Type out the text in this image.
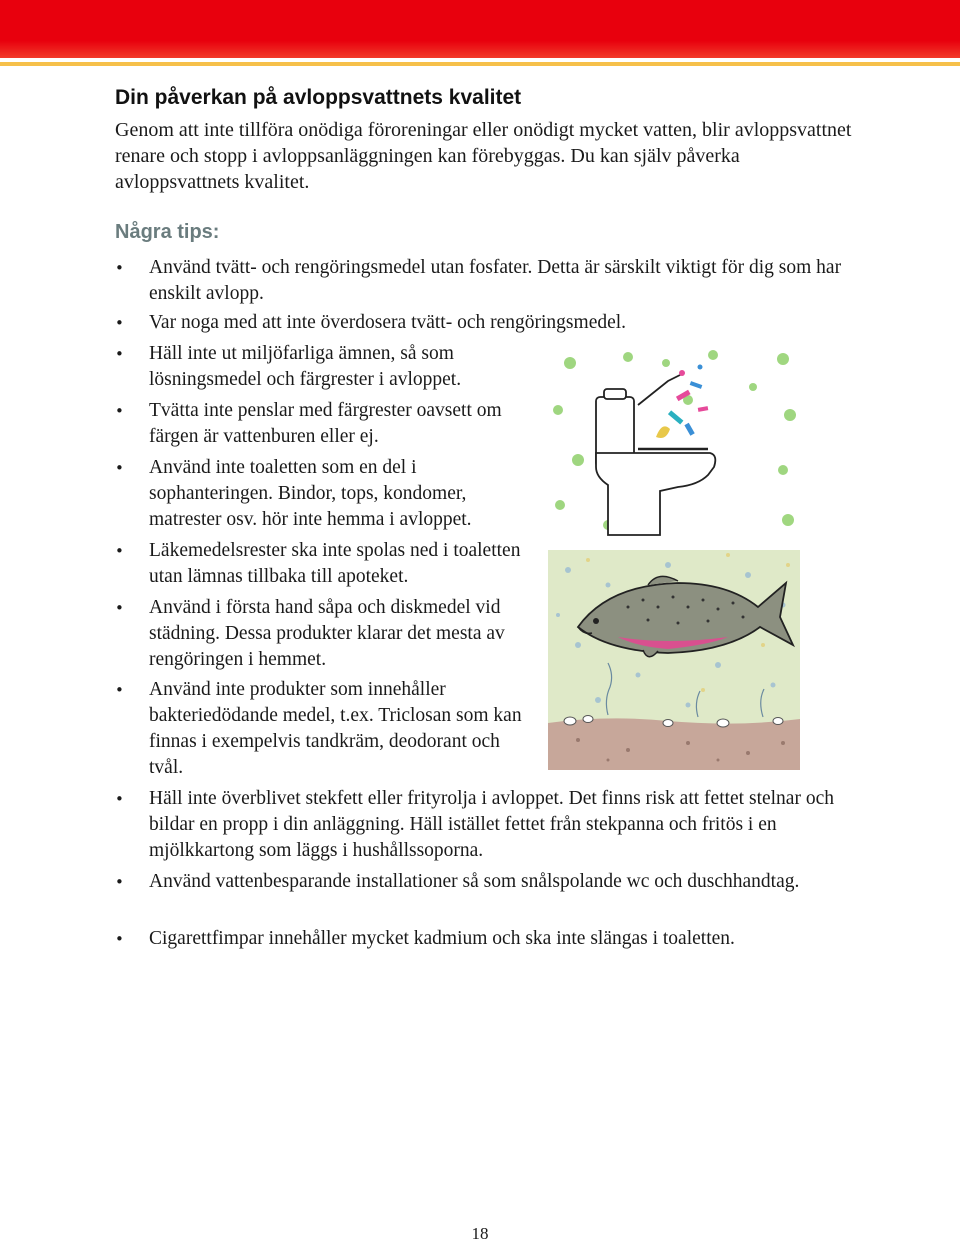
Din påverkan på avloppsvattnets kvalitet

Genom att inte tillföra onödiga föroreningar eller onödigt mycket vatten, blir avloppsvattnet renare och stopp i avloppsanläggningen kan förebyggas. Du kan själv påverka avloppsvattnets kvalitet.

Några tips:
•	Använd tvätt- och rengöringsmedel utan fosfater. Detta är särskilt viktigt för dig som har enskilt avlopp.
•	Var noga med att inte överdosera tvätt- och rengöringsmedel.
•	Häll inte ut miljöfarliga ämnen, så som lösningsmedel och färgrester i avloppet.
•	Tvätta inte penslar med färgrester oavsett om färgen är vattenburen eller ej.
•	Använd inte toaletten som en del i sophanteringen. Bindor, tops, kondomer, matrester osv. hör inte hemma i avloppet.
•	Läkemedelsrester ska inte spolas ned i toaletten utan lämnas tillbaka till apoteket.
•	Använd i första hand såpa och diskmedel vid städning. Dessa produkter klarar det mesta av rengöringen i hemmet.
•	Använd inte produkter som innehåller bakteriedödande medel, t.ex. Triclosan som kan finnas i exempelvis tandkräm, deodorant och tvål.
•	Häll inte överblivet stekfett eller frityrolja i avloppet. Det finns risk att fettet stelnar och bildar en propp i din anläggning. Häll istället fettet från stekpanna och fritös i en mjölkkartong som läggs i hushållssoporna.
•	Använd vattenbesparande installationer så som snålspolande wc och duschhandtag.
•	Cigarettfimpar innehåller mycket kadmium och ska inte slängas i toaletten.

18
